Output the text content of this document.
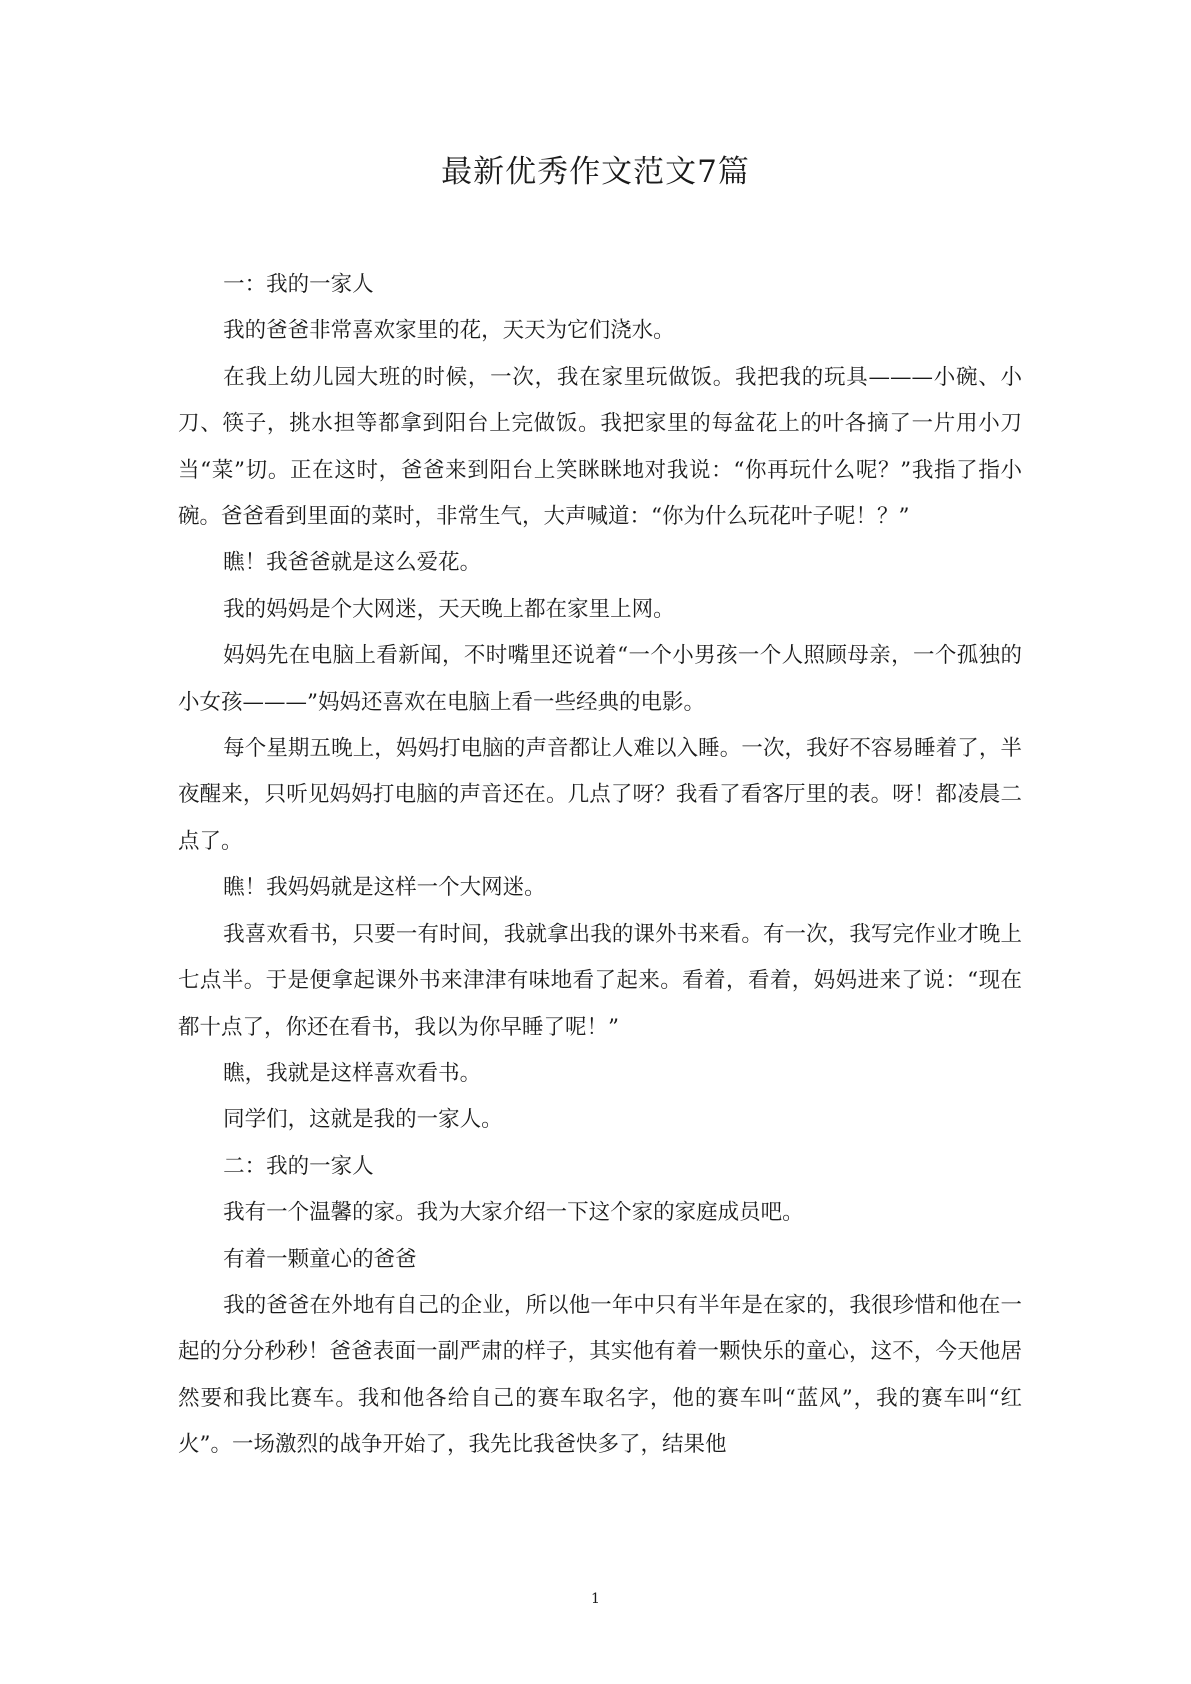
最新优秀作文范文7篇

一：我的一家人

我的爸爸非常喜欢家里的花，天天为它们浇水。

在我上幼儿园大班的时候，一次，我在家里玩做饭。我把我的玩具———小碗、小刀、筷子，挑水担等都拿到阳台上完做饭。我把家里的每盆花上的叶各摘了一片用小刀当“菜”切。正在这时，爸爸来到阳台上笑眯眯地对我说：“你再玩什么呢？”我指了指小碗。爸爸看到里面的菜时，非常生气，大声喊道：“你为什么玩花叶子呢！？”

瞧！我爸爸就是这么爱花。

我的妈妈是个大网迷，天天晚上都在家里上网。

妈妈先在电脑上看新闻，不时嘴里还说着“一个小男孩一个人照顾母亲，一个孤独的小女孩———”妈妈还喜欢在电脑上看一些经典的电影。

每个星期五晚上，妈妈打电脑的声音都让人难以入睡。一次，我好不容易睡着了，半夜醒来，只听见妈妈打电脑的声音还在。几点了呀？我看了看客厅里的表。呀！都凌晨二点了。

瞧！我妈妈就是这样一个大网迷。

我喜欢看书，只要一有时间，我就拿出我的课外书来看。有一次，我写完作业才晚上七点半。于是便拿起课外书来津津有味地看了起来。看着，看着，妈妈进来了说：“现在都十点了，你还在看书，我以为你早睡了呢！”

瞧，我就是这样喜欢看书。

同学们，这就是我的一家人。

二：我的一家人

我有一个温馨的家。我为大家介绍一下这个家的家庭成员吧。

有着一颗童心的爸爸

我的爸爸在外地有自己的企业，所以他一年中只有半年是在家的，我很珍惜和他在一起的分分秒秒！爸爸表面一副严肃的样子，其实他有着一颗快乐的童心，这不，今天他居然要和我比赛车。我和他各给自己的赛车取名字，他的赛车叫“蓝风”，我的赛车叫“红火”。一场激烈的战争开始了，我先比我爸快多了，结果他

1
